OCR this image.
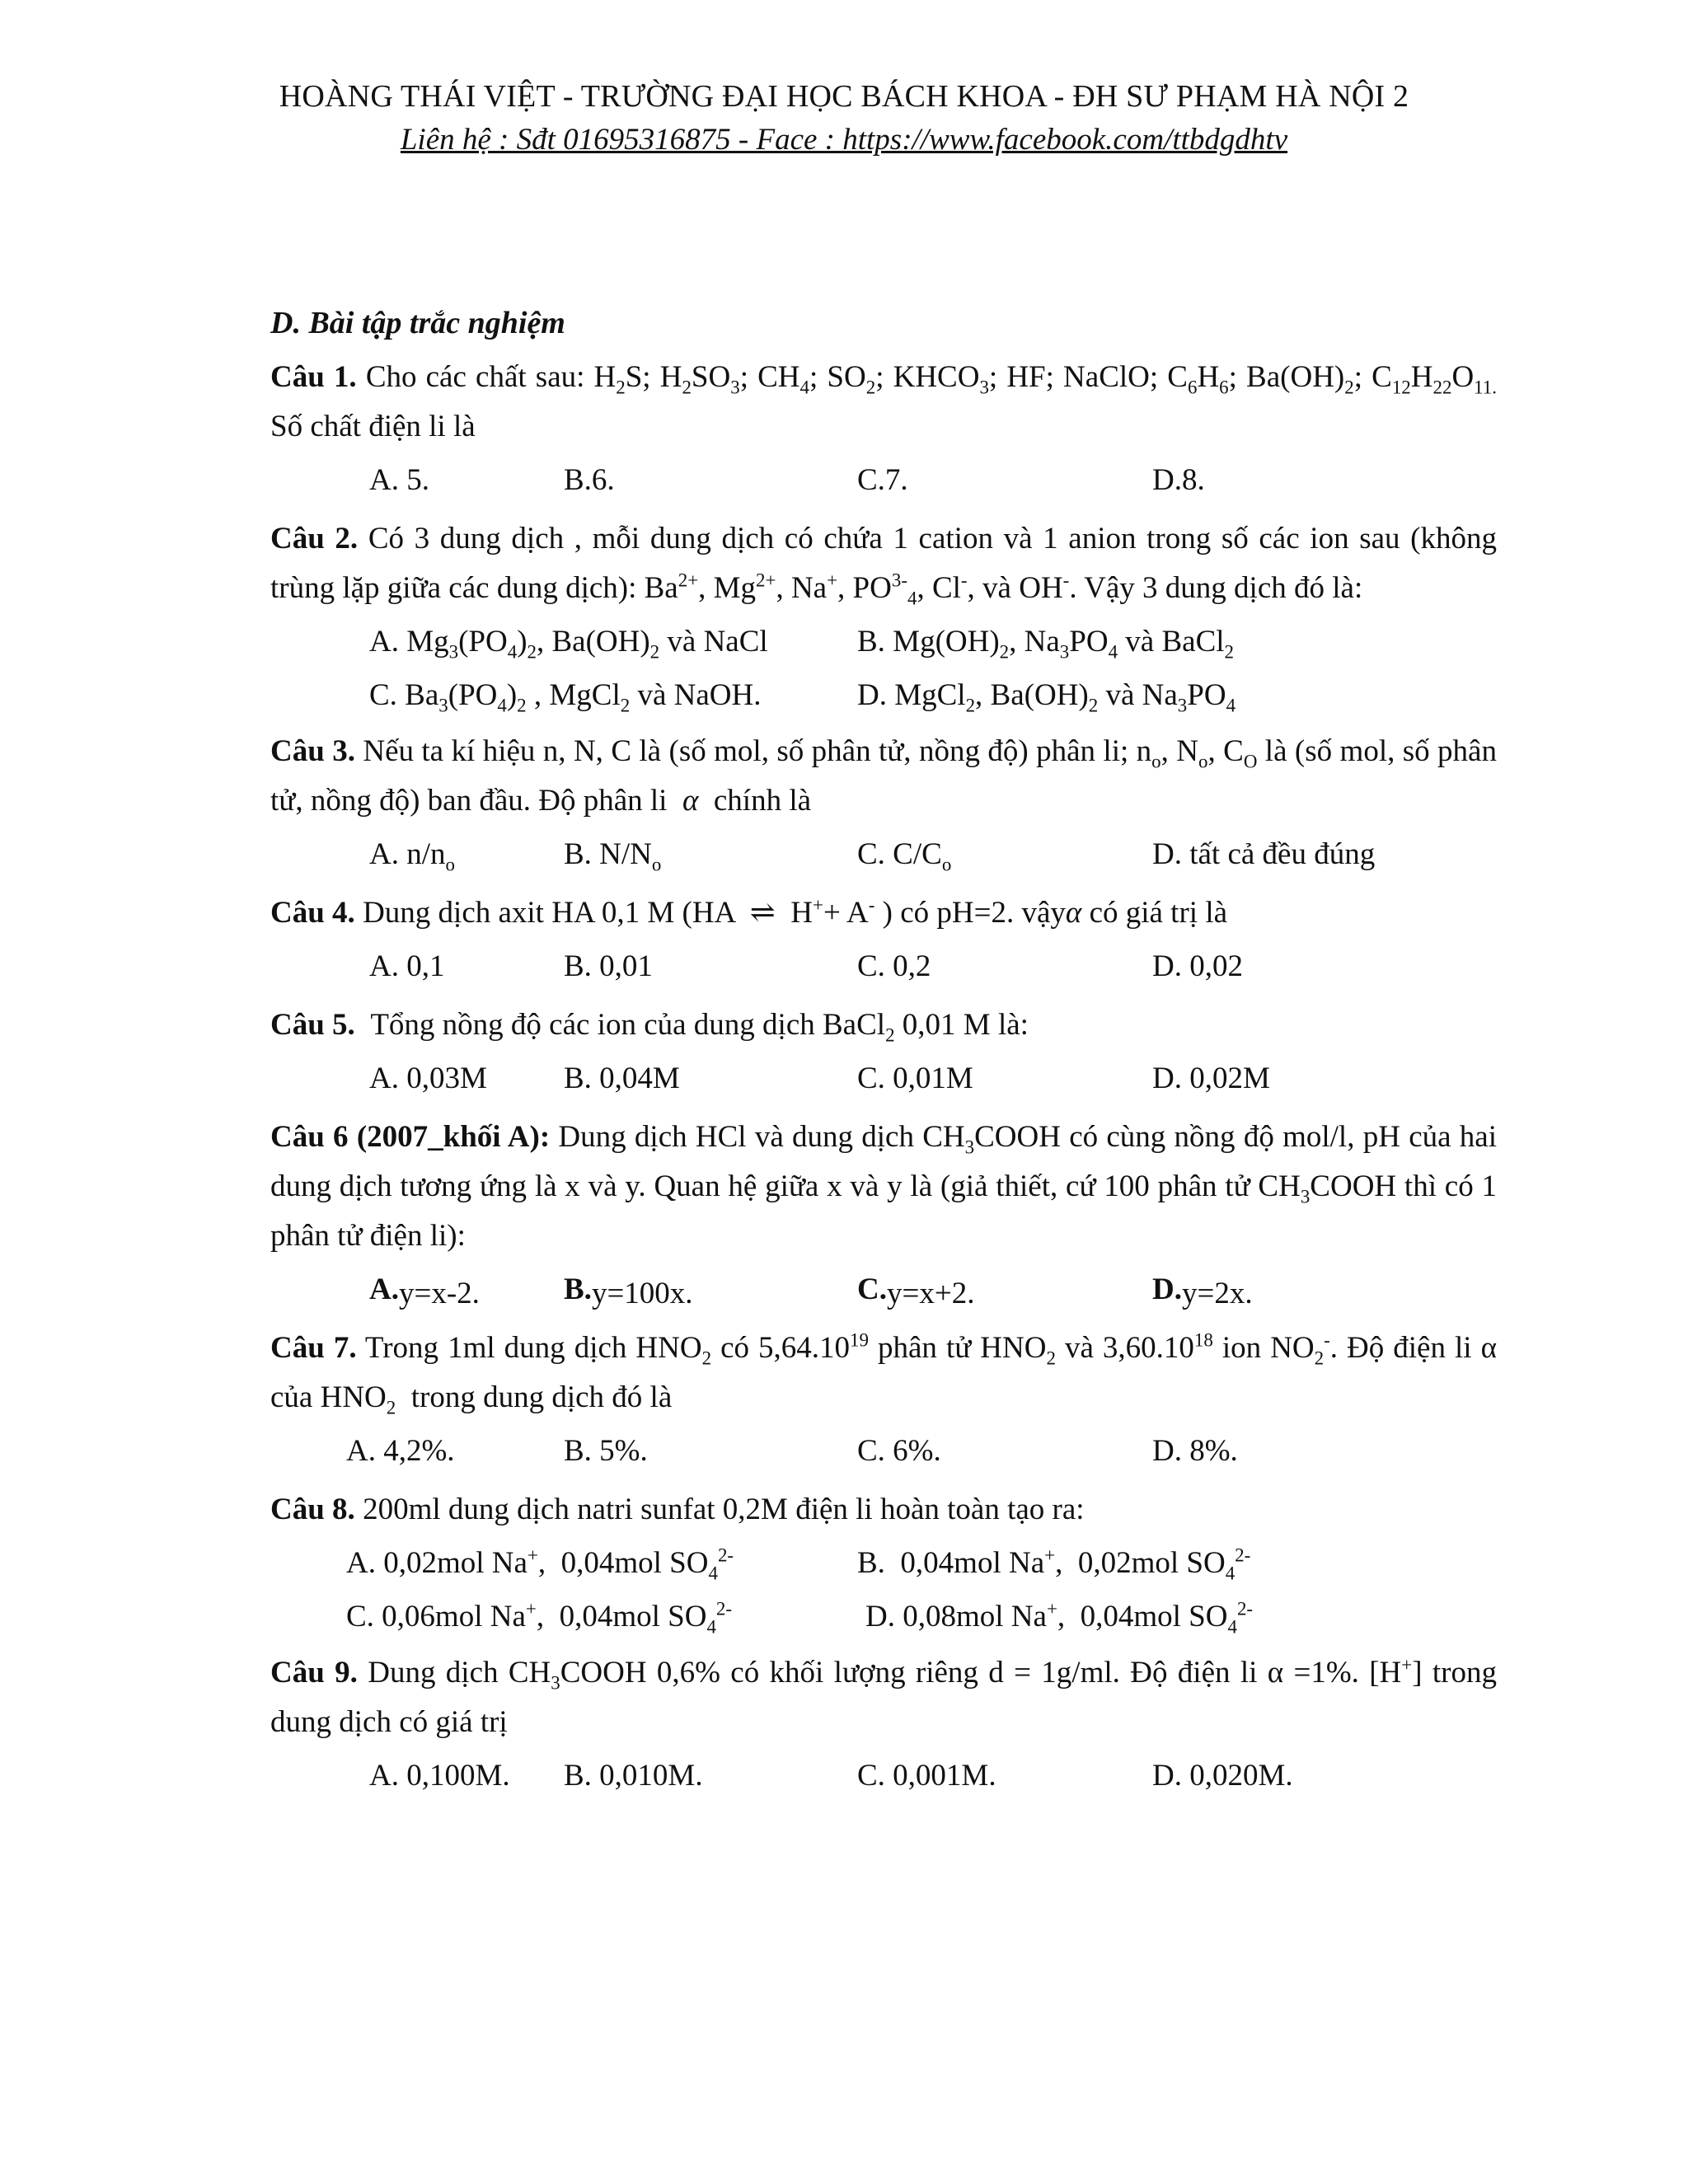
HOÀNG THÁI VIỆT - TRƯỜNG ĐẠI HỌC BÁCH KHOA - ĐH SƯ PHẠM HÀ NỘI 2
Liên hệ : Sđt 01695316875 - Face : https://www.facebook.com/ttbdgdhtv
D. Bài tập trắc nghiệm
Câu 1. Cho các chất sau: $H_2S$; $H_2SO_3$; $CH_4$; $SO_2$; $KHCO_3$; HF; NaClO; $C_6H_6$; $Ba(OH)_2$; $C_{12}H_{22}O_{11.}$ Số chất điện li là
A. 5.	B.6.	C.7.	D.8.
Câu 2. Có 3 dung dịch , mỗi dung dịch có chứa 1 cation và 1 anion trong số các ion sau (không trùng lặp giữa các dung dịch): $Ba^{2+}$, $Mg^{2+}$, Na+, $PO^{3-}_4$, Cl-, và OH-. Vậy 3 dung dịch đó là:
A. $Mg_3(PO_4)_2$, $Ba(OH)_2$ và NaCl	B. $Mg(OH)_2$, $Na_3PO_4$ và BaCl$_2$
C. $Ba_3(PO_4)_2$ , MgCl$_2$ và NaOH.	D. MgCl$_2$, $Ba(OH)_2$ và $Na_3PO_4$
Câu 3. Nếu ta kí hiệu n, N, C là (số mol, số phân tử, nồng độ) phân li; $n_o$, $N_o$, $C_O$ là (số mol, số phân tử, nồng độ) ban đầu. Độ phân li  α  chính là
A. $n/n_o$	B. $N/N_o$	C. $C/C_o$	D. tất cả đều đúng
Câu 4. Dung dịch axit HA 0,1 M (HA  ⇌  H++ A- ) có pH=2. vậyα có giá trị là
A. 0,1	B. 0,01	C. 0,2	D. 0,02
Câu 5.  Tổng nồng độ các ion của dung dịch BaCl$_2$ 0,01 M là:
A. 0,03M	B. 0,04M	C. 0,01M	D. 0,02M
Câu 6 (2007_khối A): Dung dịch HCl và dung dịch $CH_3COOH$ có cùng nồng độ mol/l, pH của hai dung dịch tương ứng là x và y. Quan hệ giữa x và y là (giả thiết, cứ 100 phân tử $CH_3COOH$ thì có 1 phân tử điện li):
A. y=x-2.	B. y=100x.	C. y=x+2.	D. y=2x.
Câu 7. Trong 1ml dung dịch $HNO_2$ có 5,64.10$^{19}$ phân tử $HNO_2$ và 3,60.10$^{18}$ ion $NO_2^-$. Độ điện li α của $HNO_2$  trong dung dịch đó là
A. 4,2%.	B. 5%.	C. 6%.	D. 8%.
Câu 8. 200ml dung dịch natri sunfat 0,2M điện li hoàn toàn tạo ra:
A. 0,02mol Na+,  0,04mol $SO_4^{2-}$	B.  0,04mol Na+,  0,02mol $SO_4^{2-}$
C. 0,06mol Na+,  0,04mol $SO_4^{2-}$	D. 0,08mol Na+,  0,04mol $SO_4^{2-}$
Câu 9. Dung dịch $CH_3COOH$ 0,6% có khối lượng riêng d = 1g/ml. Độ điện li α =1%. [H+] trong dung dịch có giá trị
A. 0,100M. B. 0,010M.	C. 0,001M.	D. 0,020M.
